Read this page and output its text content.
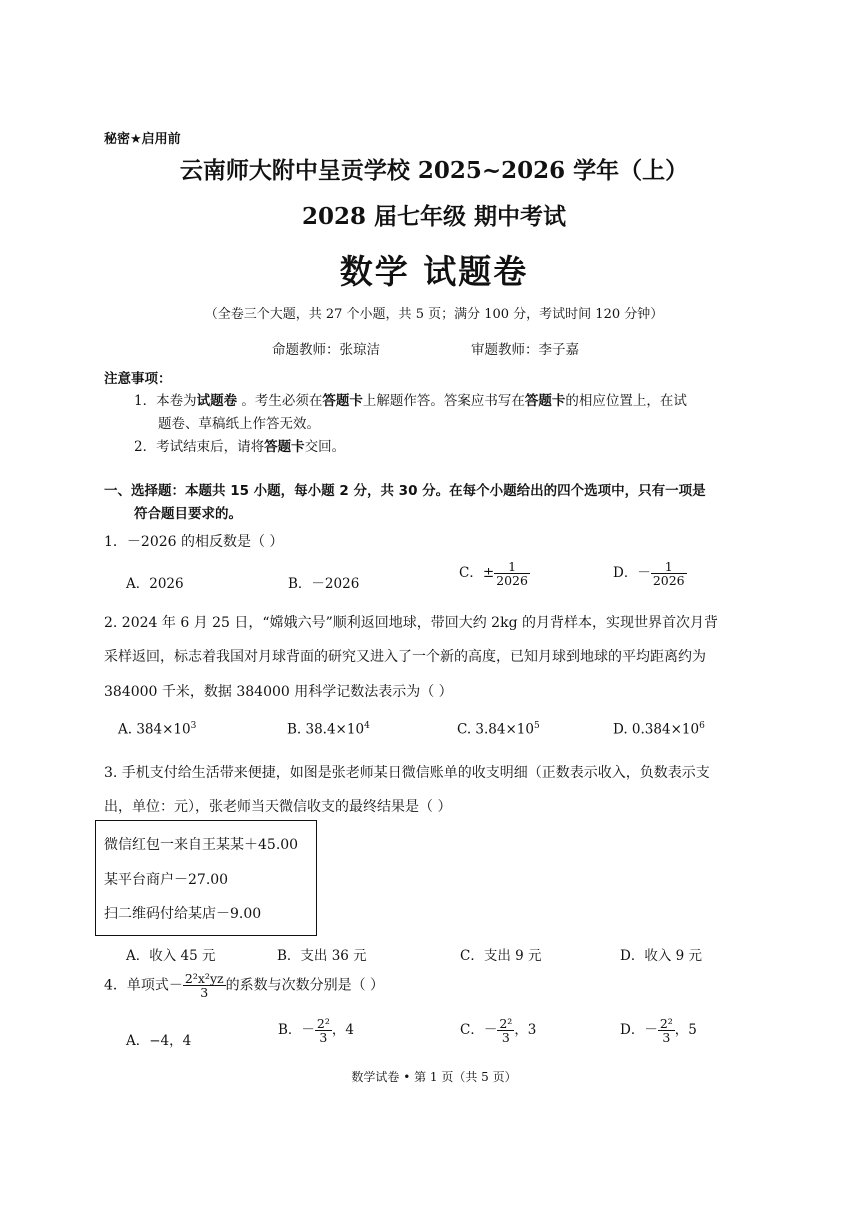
秘密★启用前
云南师大附中呈贡学校 2025~2026 学年（上）
2028 届七年级 期中考试
数学 试题卷
（全卷三个大题，共 27 个小题，共 5 页；满分 100 分，考试时间 120 分钟）
命题教师：张琼洁	审题教师：李子嘉
注意事项：
1．本卷为试题卷 。考生必须在答题卡上解题作答。答案应书写在答题卡的相应位置上，在试
题卷、草稿纸上作答无效。
2．考试结束后，请将答题卡交回。
一、选择题：本题共 15 小题，每小题 2 分，共 30 分。在每个小题给出的四个选项中，只有一项是
符合题目要求的。
1．－2026 的相反数是（ ）
A．2026	B．－2026
C．± $\frac{1}{2026}$	D．－ $\frac{1}{2026}$
2. 2024 年 6 月 25 日，“嫦娥六号”顺利返回地球，带回大约 2kg 的月背样本，实现世界首次月背
采样返回，标志着我国对月球背面的研究又进入了一个新的高度，已知月球到地球的平均距离约为
384000 千米，数据 384000 用科学记数法表示为（ ）
A. $384\times 10^3$	B. $38.4\times 10^4$	C. $3.84\times 10^5$	D. $0.384\times 10^6$
3. 手机支付给生活带来便捷，如图是张老师某日微信账单的收支明细（正数表示收入，负数表示支
出，单位：元），张老师当天微信收支的最终结果是（ ）
微信红包一来自王某某＋45.00
某平台商户－27.00
扫二维码付给某店－9.00
A．收入 45 元	B．支出 36 元	C．支出 9 元	D．收入 9 元
4．单项式－ $\frac{\text{2²x²yz}}{3}$ 的系数与次数分别是（ ）
A．−4，4
B．－ $\frac{\text{2²}}{3}$ ，4	C．－ $\frac{\text{2²}}{3}$ ，3	D．－ $\frac{\text{2²}}{3}$ ，5
数学试卷 • 第 1 页（共 5 页）
